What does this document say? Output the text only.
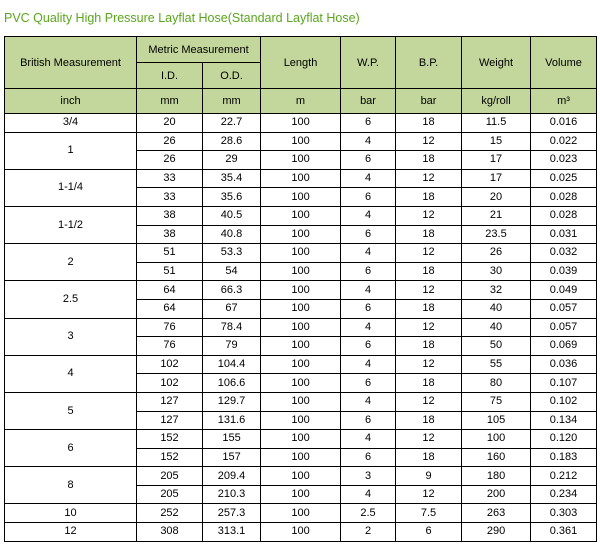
PVC Quality High Pressure Layflat Hose(Standard Layflat Hose)
British Measurement	Metric Measurement		Length	W.P.	B.P.	Weight	Volume
	I.D.	O.D.					
inch	mm	mm	m	bar	bar	kg/roll	m³
3/4	20	22.7	100	6	18	11.5	0.016
1	26	28.6	100	4	12	15	0.022
	26	29	100	6	18	17	0.023
1-1/4	33	35.4	100	4	12	17	0.025
	33	35.6	100	6	18	20	0.028
1-1/2	38	40.5	100	4	12	21	0.028
	38	40.8	100	6	18	23.5	0.031
2	51	53.3	100	4	12	26	0.032
	51	54	100	6	18	30	0.039
2.5	64	66.3	100	4	12	32	0.049
	64	67	100	6	18	40	0.057
3	76	78.4	100	4	12	40	0.057
	76	79	100	6	18	50	0.069
4	102	104.4	100	4	12	55	0.036
	102	106.6	100	6	18	80	0.107
5	127	129.7	100	4	12	75	0.102
	127	131.6	100	6	18	105	0.134
6	152	155	100	4	12	100	0.120
	152	157	100	6	18	160	0.183
8	205	209.4	100	3	9	180	0.212
	205	210.3	100	4	12	200	0.234
10	252	257.3	100	2.5	7.5	263	0.303
12	308	313.1	100	2	6	290	0.361
